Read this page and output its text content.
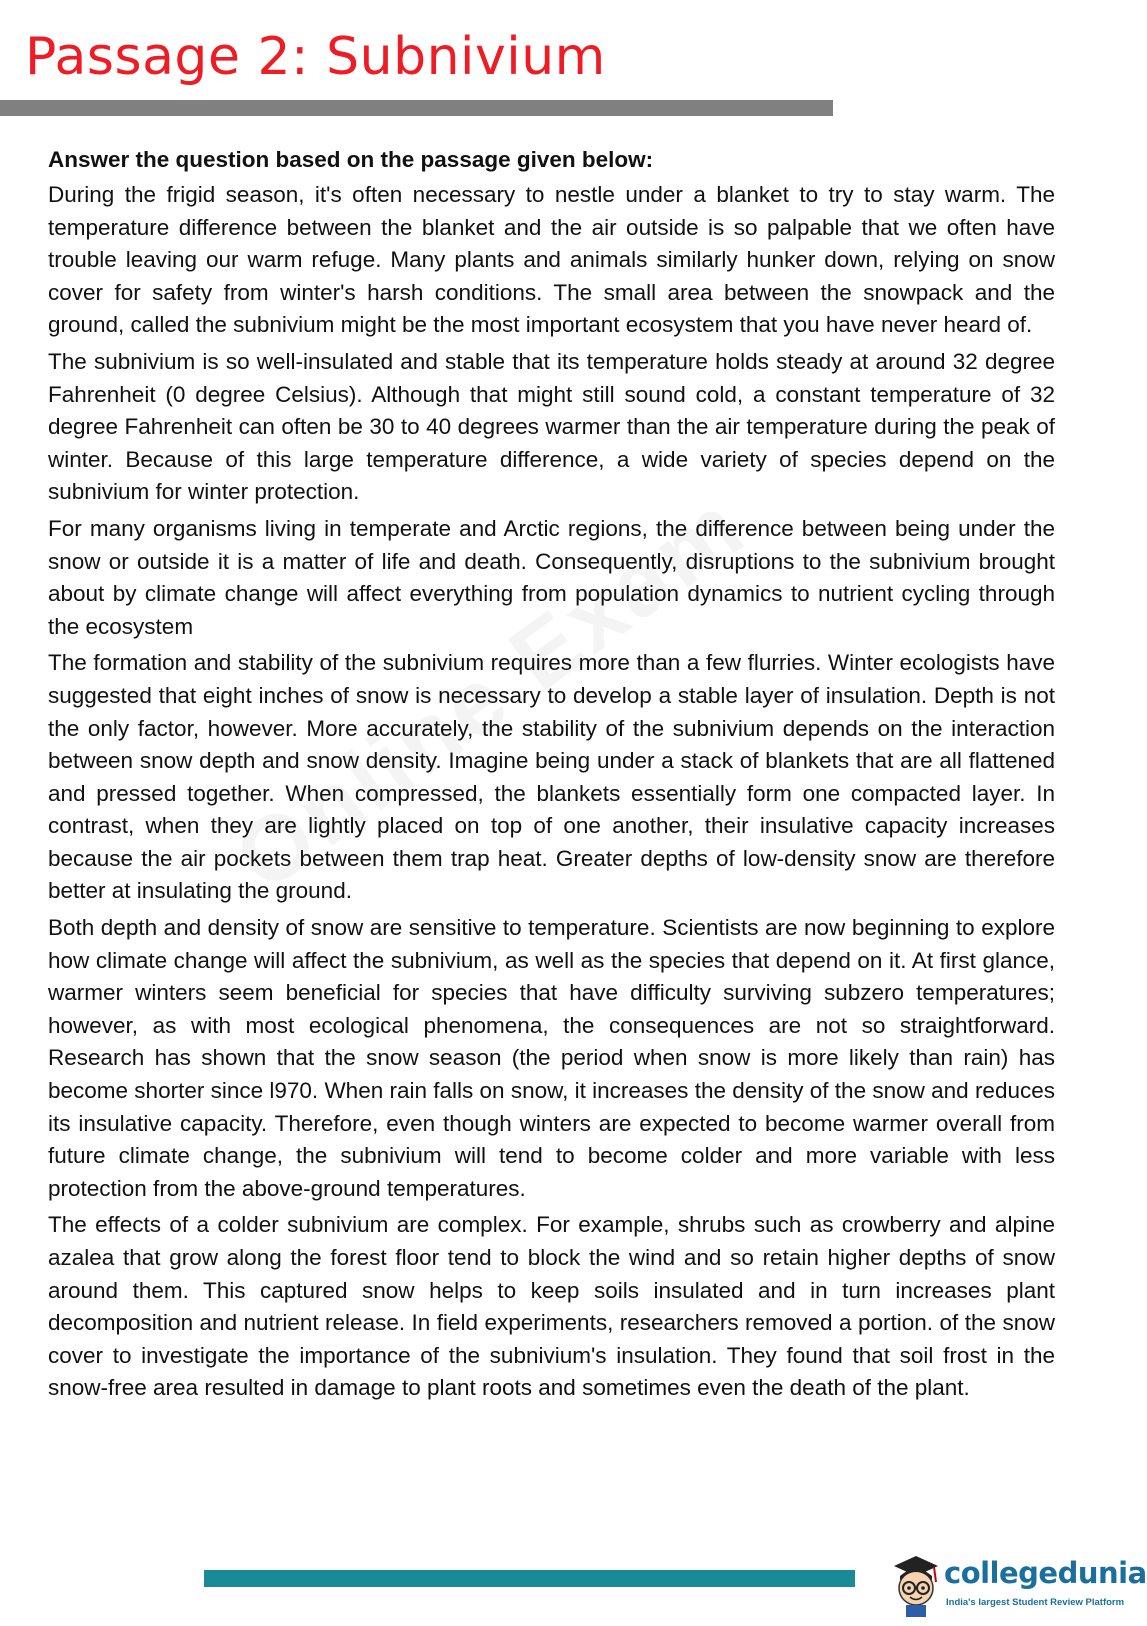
Passage 2: Subnivium

Answer the question based on the passage given below:

During the frigid season, it's often necessary to nestle under a blanket to try to stay warm. The temperature difference between the blanket and the air outside is so palpable that we often have trouble leaving our warm refuge. Many plants and animals similarly hunker down, relying on snow cover for safety from winter's harsh conditions. The small area between the snowpack and the ground, called the subnivium might be the most important ecosystem that you have never heard of.

The subnivium is so well-insulated and stable that its temperature holds steady at around 32 degree Fahrenheit (0 degree Celsius). Although that might still sound cold, a constant temperature of 32 degree Fahrenheit can often be 30 to 40 degrees warmer than the air temperature during the peak of winter. Because of this large temperature difference, a wide variety of species depend on the subnivium for winter protection.

For many organisms living in temperate and Arctic regions, the difference between being under the snow or outside it is a matter of life and death. Consequently, disruptions to the subnivium brought about by climate change will affect everything from population dynamics to nutrient cycling through the ecosystem

The formation and stability of the subnivium requires more than a few flurries. Winter ecologists have suggested that eight inches of snow is necessary to develop a stable layer of insulation. Depth is not the only factor, however. More accurately, the stability of the subnivium depends on the interaction between snow depth and snow density. Imagine being under a stack of blankets that are all flattened and pressed together. When compressed, the blankets essentially form one compacted layer. In contrast, when they are lightly placed on top of one another, their insulative capacity increases because the air pockets between them trap heat. Greater depths of low-density snow are therefore better at insulating the ground.

Both depth and density of snow are sensitive to temperature. Scientists are now beginning to explore how climate change will affect the subnivium, as well as the species that depend on it. At first glance, warmer winters seem beneficial for species that have difficulty surviving subzero temperatures; however, as with most ecological phenomena, the consequences are not so straightforward. Research has shown that the snow season (the period when snow is more likely than rain) has become shorter since l970. When rain falls on snow, it increases the density of the snow and reduces its insulative capacity. Therefore, even though winters are expected to become warmer overall from future climate change, the subnivium will tend to become colder and more variable with less protection from the above-ground temperatures.

The effects of a colder subnivium are complex. For example, shrubs such as crowberry and alpine azalea that grow along the forest floor tend to block the wind and so retain higher depths of snow around them. This captured snow helps to keep soils insulated and in turn increases plant decomposition and nutrient release. In field experiments, researchers removed a portion. of the snow cover to investigate the importance of the subnivium's insulation. They found that soil frost in the snow-free area resulted in damage to plant roots and sometimes even the death of the plant.

collegedunia
India's largest Student Review Platform
